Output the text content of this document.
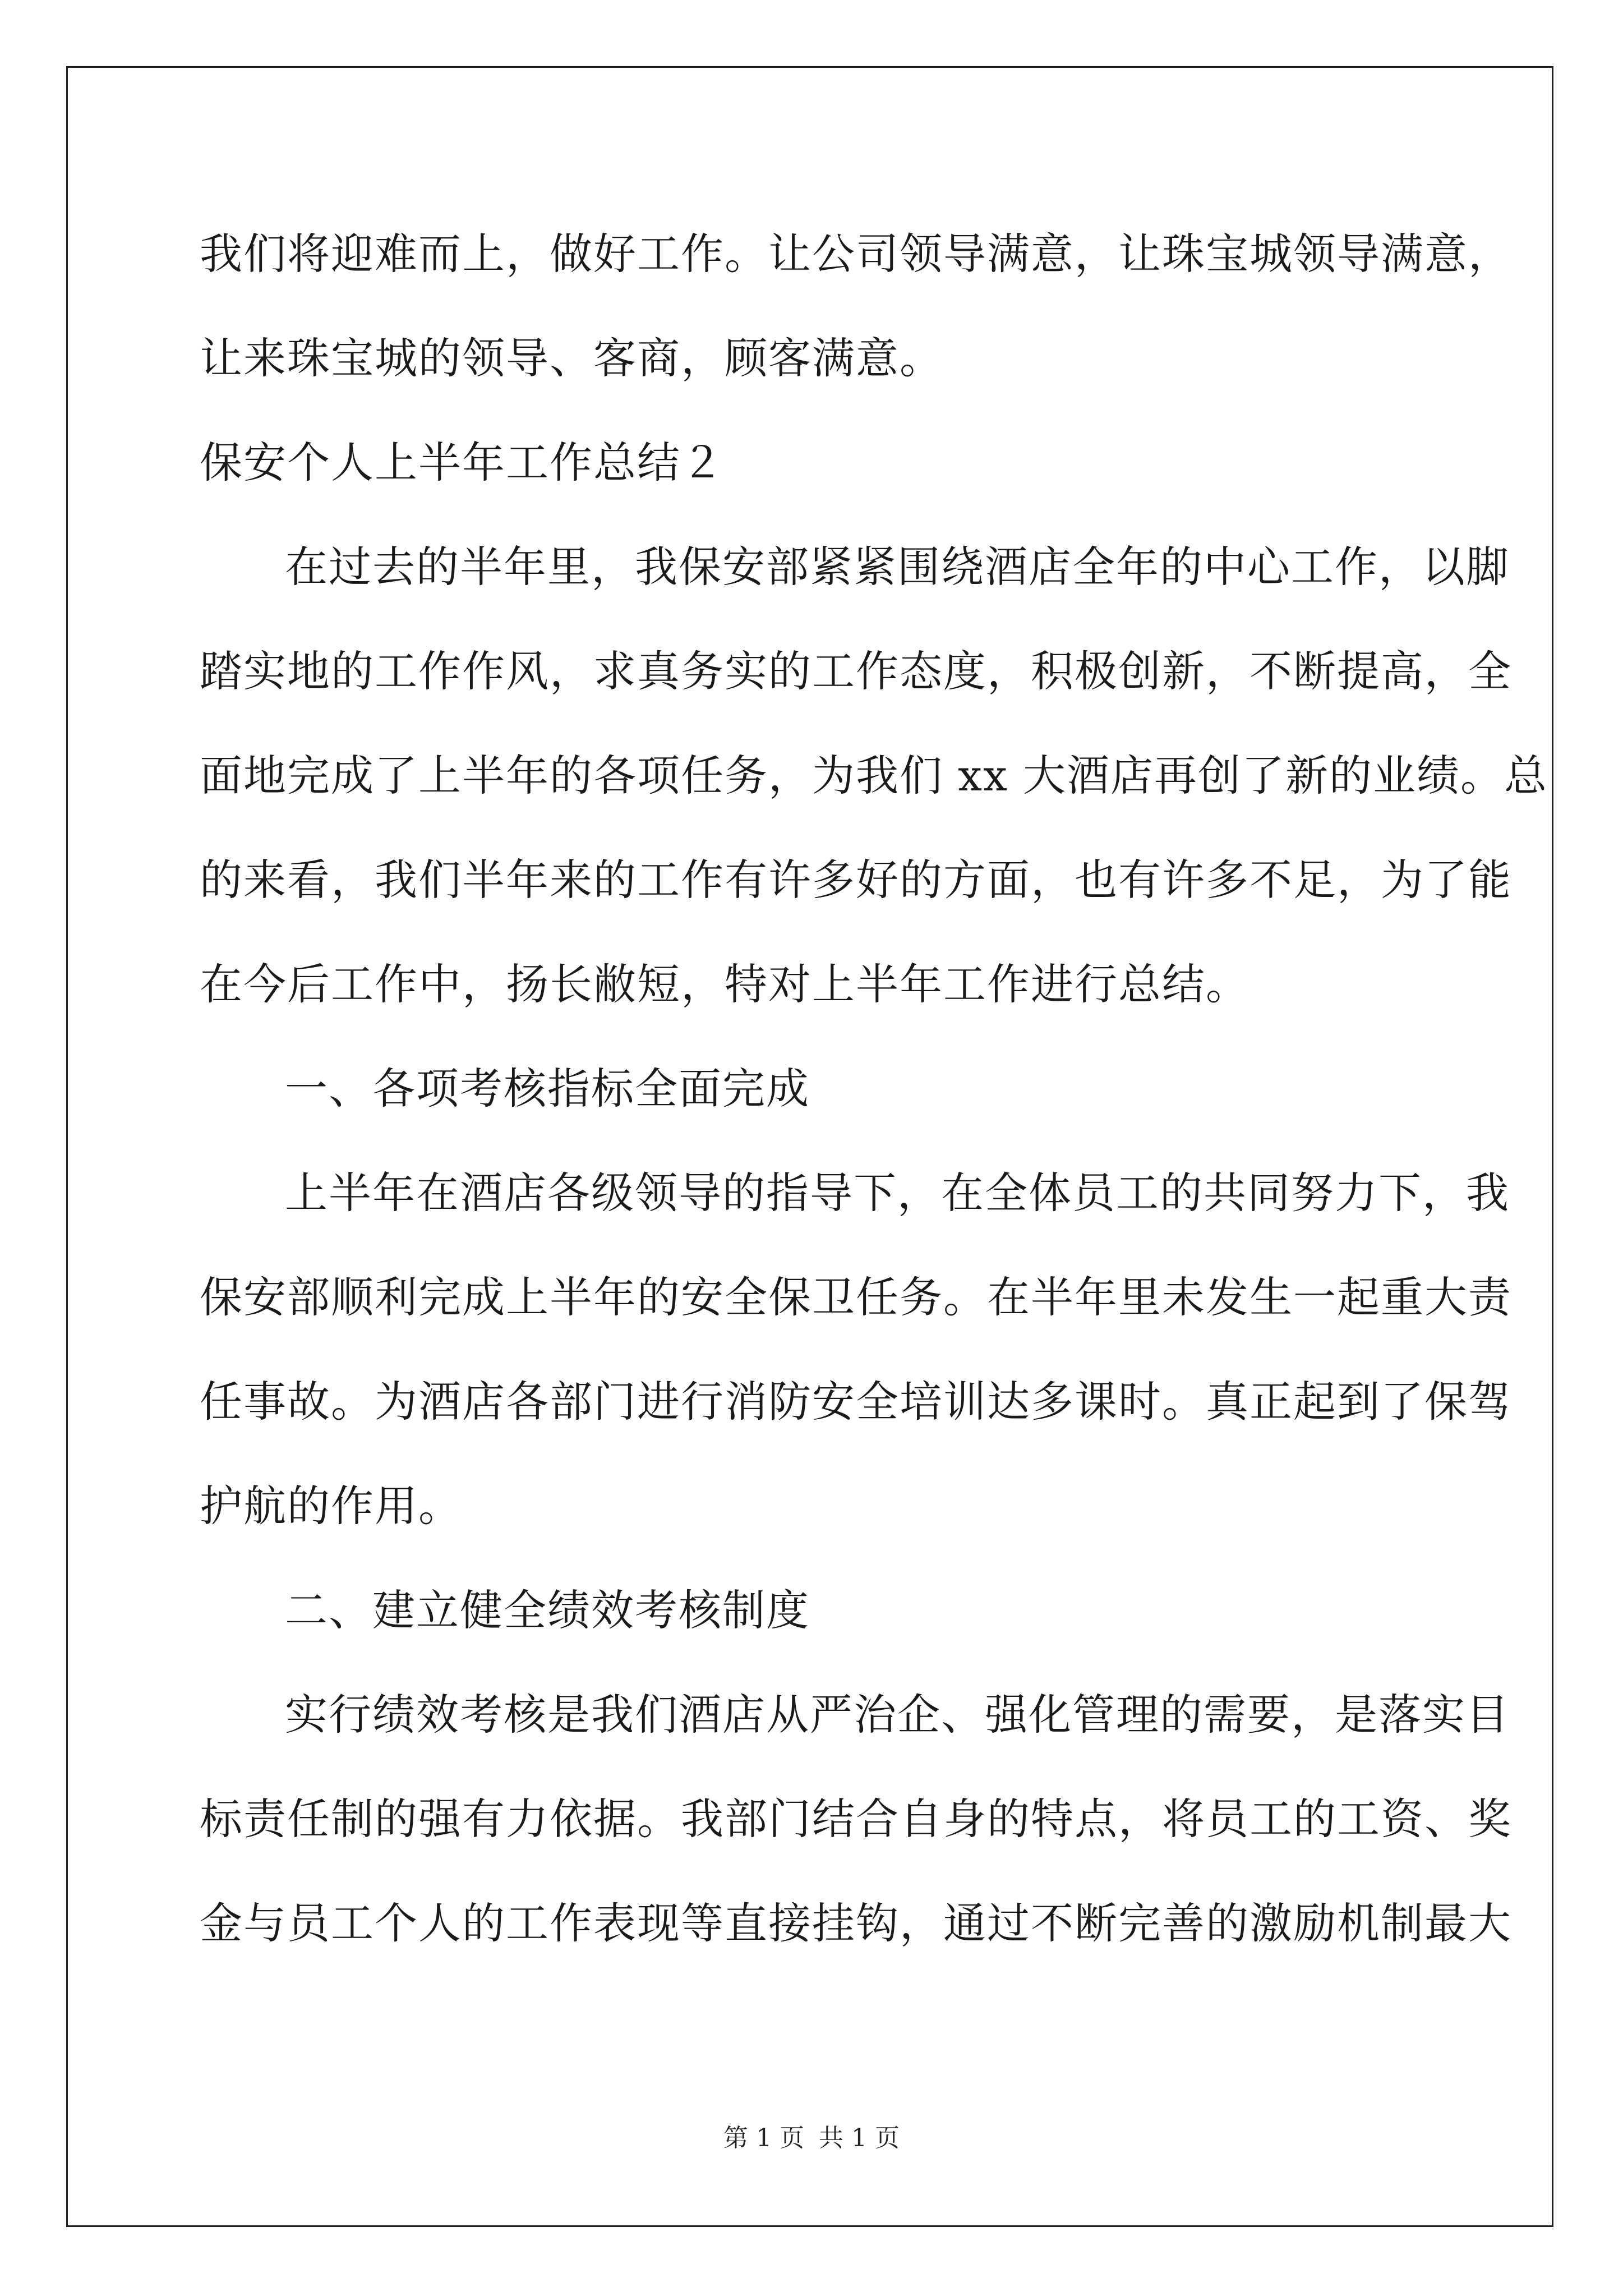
我们将迎难而上，做好工作。让公司领导满意，让珠宝城领导满意，
让来珠宝城的领导、客商，顾客满意。
保安个人上半年工作总结２
在过去的半年里，我保安部紧紧围绕酒店全年的中心工作，以脚
踏实地的工作作风，求真务实的工作态度，积极创新，不断提高，全
面地完成了上半年的各项任务，为我们 xx 大酒店再创了新的业绩。总
的来看，我们半年来的工作有许多好的方面，也有许多不足，为了能
在今后工作中，扬长敝短，特对上半年工作进行总结。
一、各项考核指标全面完成
上半年在酒店各级领导的指导下，在全体员工的共同努力下，我
保安部顺利完成上半年的安全保卫任务。在半年里未发生一起重大责
任事故。为酒店各部门进行消防安全培训达多课时。真正起到了保驾
护航的作用。
二、建立健全绩效考核制度
实行绩效考核是我们酒店从严治企、强化管理的需要，是落实目
标责任制的强有力依据。我部门结合自身的特点，将员工的工资、奖
金与员工个人的工作表现等直接挂钩，通过不断完善的激励机制最大
第 1 页 共 1 页
